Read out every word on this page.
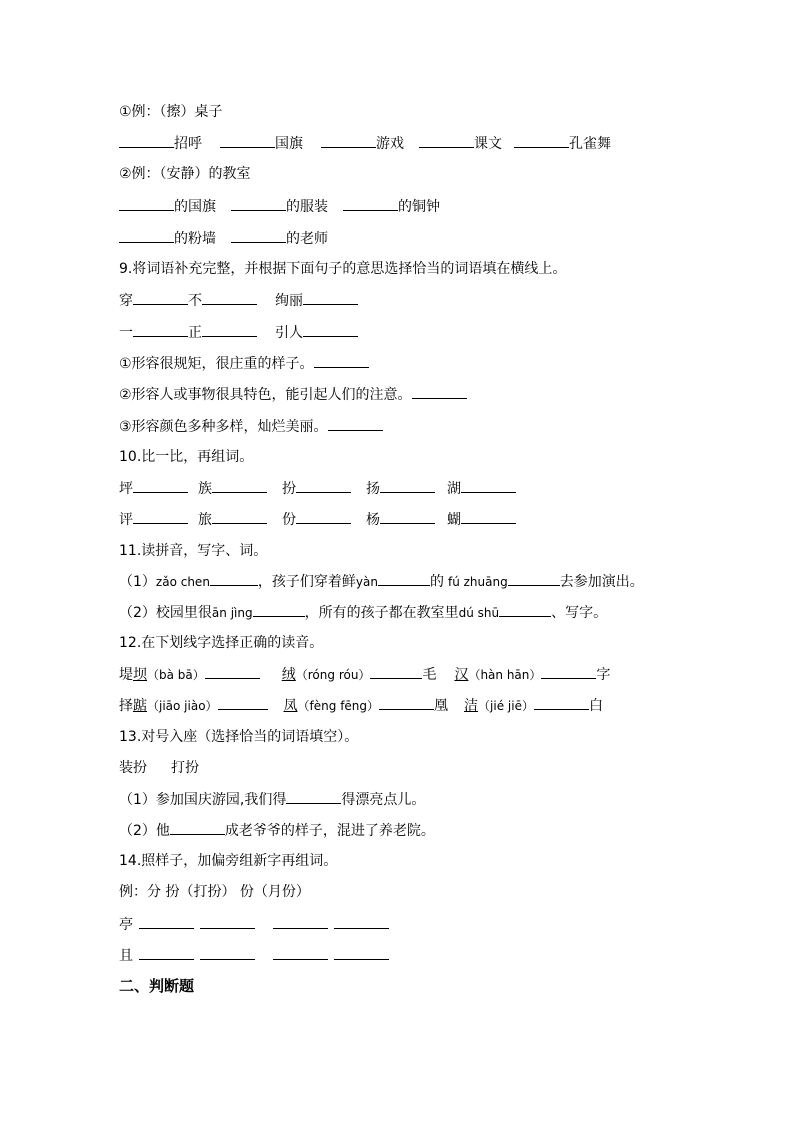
①例：（擦）桌子
招呼	国旗	游戏	课文	孔雀舞
②例：（安静）的教室
的国旗	的服装	的铜钟
的粉墙	的老师
9.将词语补充完整，并根据下面句子的意思选择恰当的词语填在横线上。
穿	不	绚丽
一	正	引人
①形容很规矩，很庄重的样子。
②形容人或事物很具特色，能引起人们的注意。
③形容颜色多种多样，灿烂美丽。
10.比一比，再组词。
坪	族	扮	扬	湖
评	旅	份	杨	蝴
11.读拼音，写字、词。
（1）zǎo chen	，孩子们穿着鲜yàn	的 fú zhuāng	去参加演出。
（2）校园里很ān jìng	，所有的孩子都在教室里dú shū	、写字。
12.在下划线字选择正确的读音。
堤坝（bà bā）	绒（róng róu）	毛 汉（hàn hān）	字
择踮（jiāo jiào）	凤（fèng fēng）	凰 洁（jié jiē）	白
13.对号入座（选择恰当的词语填空）。
装扮 打扮
（1）参加国庆游园,我们得	得漂亮点儿。
（2）他	成老爷爷的样子，混进了养老院。
14.照样子，加偏旁组新字再组词。
例：分 扮（打扮） 份（月份）
亭
且
二、判断题
